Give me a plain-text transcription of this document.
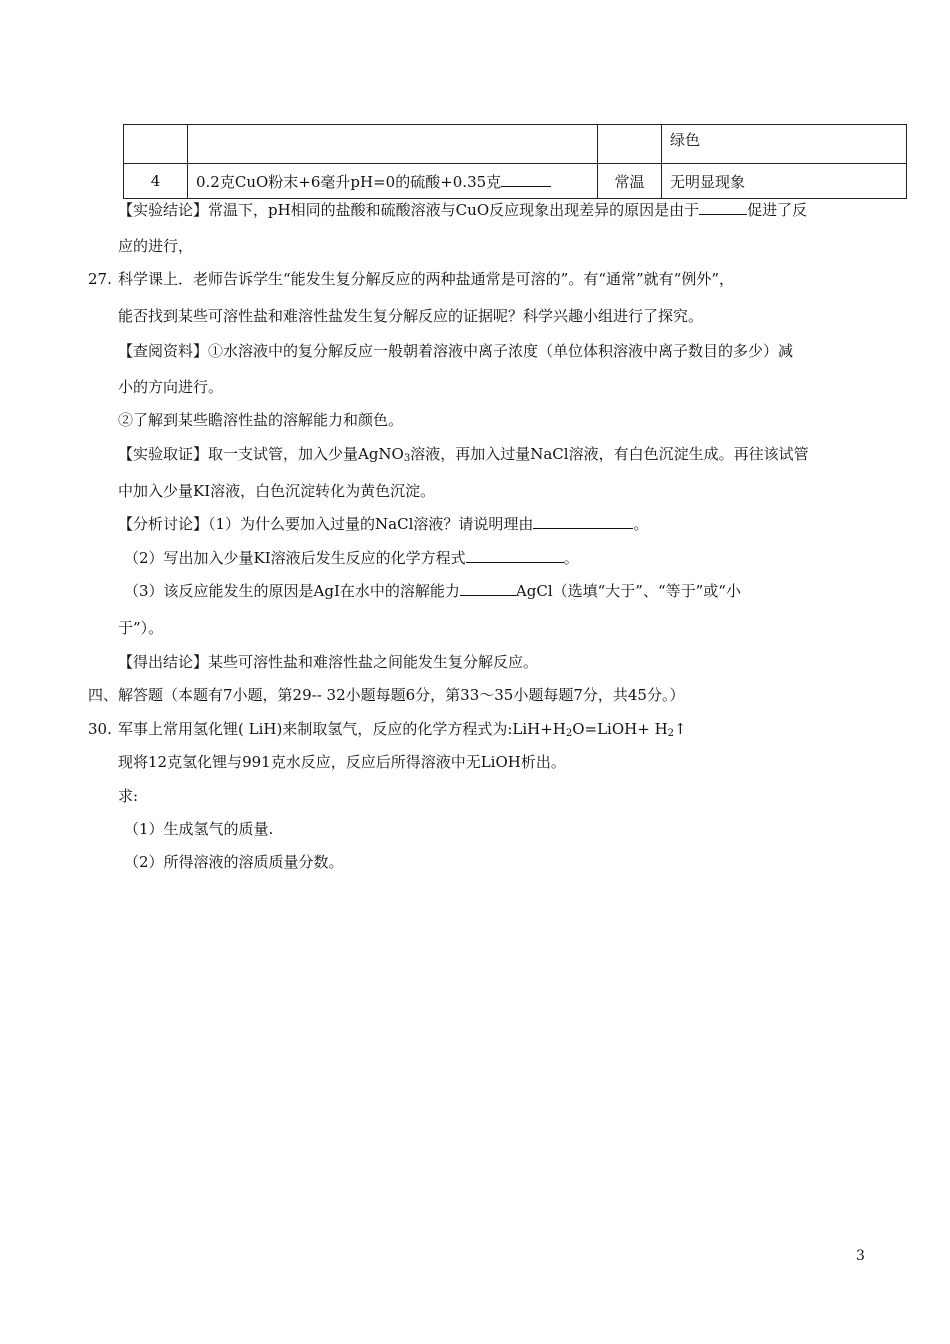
			绿色
4	0.2克CuO粉末+6毫升pH=0的硫酸+0.35克	常温	无明显现象
【实验结论】常温下，pH相同的盐酸和硫酸溶液与CuO反应现象出现差异的原因是由于	促进了反
应的进行，
27. 科学课上．老师告诉学生“能发生复分解反应的两种盐通常是可溶的”。有“通常”就有“例外”，
能否找到某些可溶性盐和难溶性盐发生复分解反应的证据呢？科学兴趣小组进行了探究。
【查阅资料】①水溶液中的复分解反应一般朝着溶液中离子浓度（单位体积溶液中离子数目的多少）减
小的方向进行。
②了解到某些瞻溶性盐的溶解能力和颜色。
【实验取证】取一支试管，加入少量AgNO$_3$溶液，再加入过量NaCl溶液，有白色沉淀生成。再往该试管
中加入少量KI溶液，白色沉淀转化为黄色沉淀。
【分析讨论】（1）为什么要加入过量的NaCl溶液？请说明理由	。
（2）写出加入少量KI溶液后发生反应的化学方程式	。
（3）该反应能发生的原因是AgI在水中的溶解能力	AgCl（选填“大于”、“等于”或“小
于”）。
【得出结论】某些可溶性盐和难溶性盐之间能发生复分解反应。
四、解答题（本题有7小题，第29-- 32小题每题6分，第33～35小题每题7分，共45分。）
30. 军事上常用氢化锂( LiH)来制取氢气，反应的化学方程式为$:LiH+H_2O=LiOH+$ $H_2↑$
现将12克氢化锂与991克水反应，反应后所得溶液中无LiOH析出。
求:
（1）生成氢气的质量.
（2）所得溶液的溶质质量分数。
3
